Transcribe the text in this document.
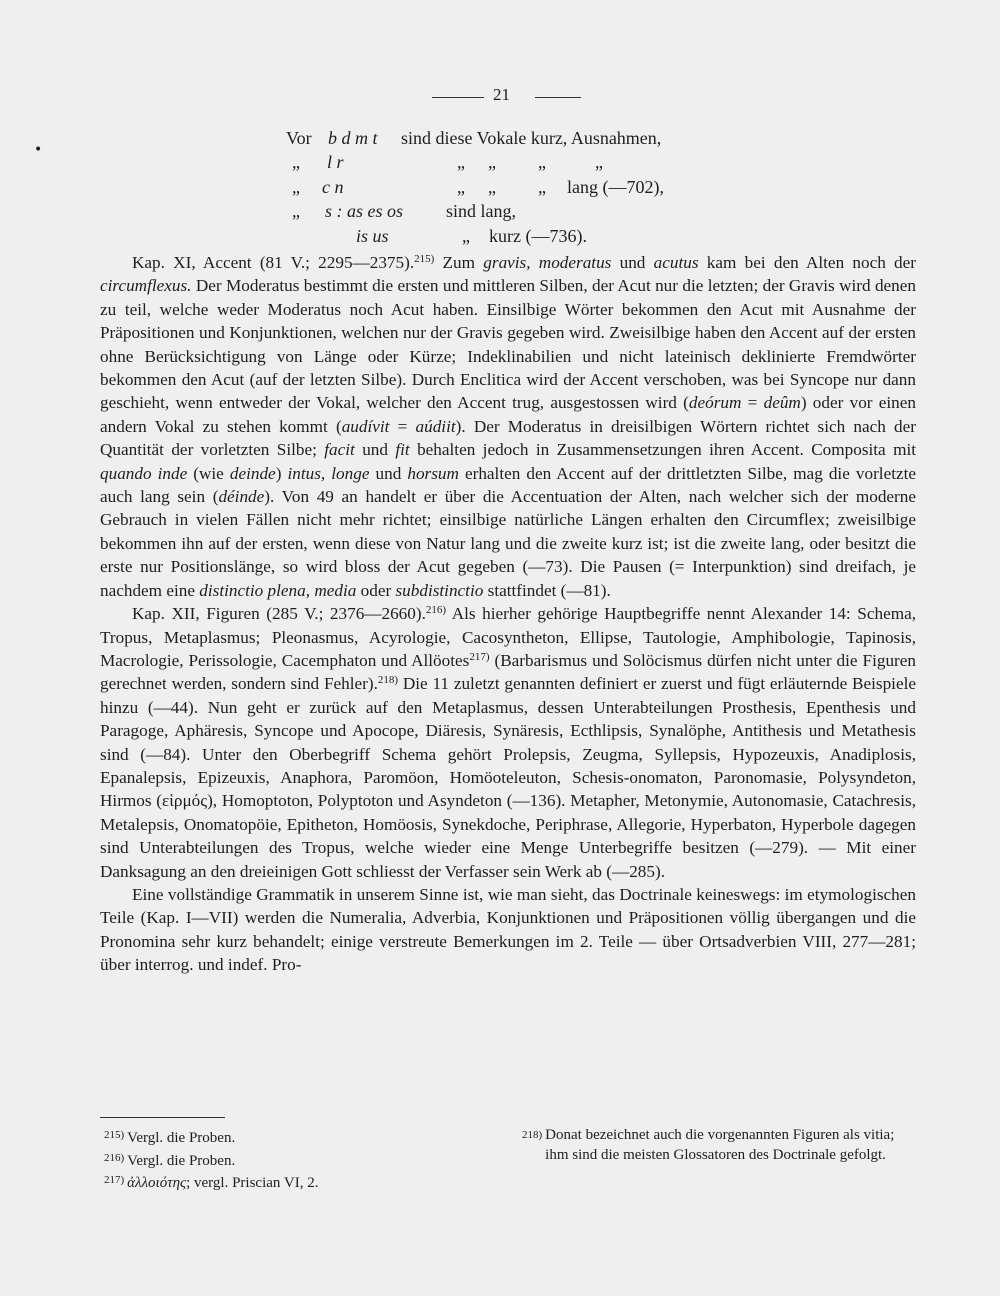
•
21
Vor b d m t sind diese Vokale kurz, Ausnahmen,
„ l r	„ „ „	„
„ c n	„ „ „ lang (—702),
„ s : as es os sind lang,
is us	„ kurz (—736).

Kap. XI, Accent (81 V.; 2295—2375).$^{215)}$ Zum gravis, moderatus und acutus kam bei den Alten noch der circumflexus. Der Moderatus bestimmt die ersten und mittleren Silben, der Acut nur die letzten; der Gravis wird denen zu teil, welche weder Moderatus noch Acut haben. Einsilbige Wörter bekommen den Acut mit Ausnahme der Präpositionen und Konjunktionen, welchen nur der Gravis gegeben wird. Zweisilbige haben den Accent auf der ersten ohne Berücksichtigung von Länge oder Kürze; Indeklinabilien und nicht lateinisch deklinierte Fremdwörter bekommen den Acut (auf der letzten Silbe). Durch Enclitica wird der Accent verschoben, was bei Syncope nur dann geschieht, wenn entweder der Vokal, welcher den Accent trug, ausgestossen wird (deórum = deûm) oder vor einen andern Vokal zu stehen kommt (audívit = aúdiit). Der Moderatus in dreisilbigen Wörtern richtet sich nach der Quantität der vorletzten Silbe; facit und fit behalten jedoch in Zusammensetzungen ihren Accent. Composita mit quando inde (wie deinde) intus, longe und horsum erhalten den Accent auf der drittletzten Silbe, mag die vorletzte auch lang sein (déinde). Von 49 an handelt er über die Accentuation der Alten, nach welcher sich der moderne Gebrauch in vielen Fällen nicht mehr richtet; einsilbige natürliche Längen erhalten den Circumflex; zweisilbige bekommen ihn auf der ersten, wenn diese von Natur lang und die zweite kurz ist; ist die zweite lang, oder besitzt die erste nur Positionslänge, so wird bloss der Acut gegeben (—73). Die Pausen (= Interpunktion) sind dreifach, je nachdem eine distinctio plena, media oder subdistinctio stattfindet (—81).

Kap. XII, Figuren (285 V.; 2376—2660).$^{216)}$ Als hierher gehörige Hauptbegriffe nennt Alexander 14: Schema, Tropus, Metaplasmus; Pleonasmus, Acyrologie, Cacosyntheton, Ellipse, Tautologie, Amphibologie, Tapinosis, Macrologie, Perissologie, Cacemphaton und Allöotes$^{217)}$ (Barbarismus und Solöcismus dürfen nicht unter die Figuren gerechnet werden, sondern sind Fehler).$^{218)}$ Die 11 zuletzt genannten definiert er zuerst und fügt erläuternde Beispiele hinzu (—44). Nun geht er zurück auf den Metaplasmus, dessen Unterabteilungen Prosthesis, Epenthesis und Paragoge, Aphäresis, Syncope und Apocope, Diäresis, Synäresis, Ecthlipsis, Synalöphe, Antithesis und Metathesis sind (—84). Unter den Oberbegriff Schema gehört Prolepsis, Zeugma, Syllepsis, Hypozeuxis, Anadiplosis, Epanalepsis, Epizeuxis, Anaphora, Paromöon, Homöoteleuton, Schesis-onomaton, Paronomasie, Polysyndeton, Hirmos (εἱρμός), Homoptoton, Polyptoton und Asyndeton (—136). Metapher, Metonymie, Autonomasie, Catachresis, Metalepsis, Onomatopöie, Epitheton, Homöosis, Synekdoche, Periphrase, Allegorie, Hyperbaton, Hyperbole dagegen sind Unterabteilungen des Tropus, welche wieder eine Menge Unterbegriffe besitzen (—279). — Mit einer Danksagung an den dreieinigen Gott schliesst der Verfasser sein Werk ab (—285).

Eine vollständige Grammatik in unserem Sinne ist, wie man sieht, das Doctrinale keineswegs: im etymologischen Teile (Kap. I—VII) werden die Numeralia, Adverbia, Konjunktionen und Präpositionen völlig übergangen und die Pronomina sehr kurz behandelt; einige verstreute Bemerkungen im 2. Teile — über Ortsadverbien VIII, 277—281; über interrog. und indef. Pro-

$^{215)}$ Vergl. die Proben.
$^{216)}$ Vergl. die Proben.
$^{217)}$ ἀλλοιότης; vergl. Priscian VI, 2.
$^{218)}$ Donat bezeichnet auch die vorgenannten Figuren als vitia; ihm sind die meisten Glossatoren des Doctrinale gefolgt.
